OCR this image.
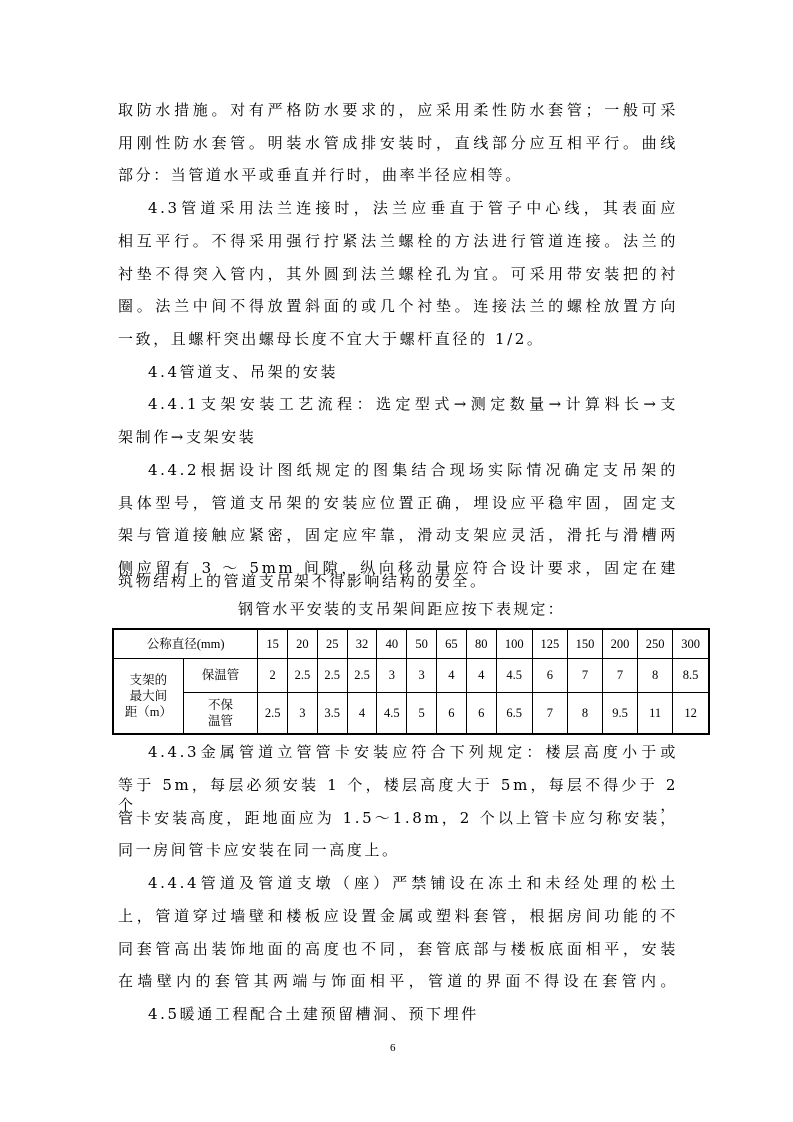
取防水措施。对有严格防水要求的，应采用柔性防水套管；一般可采
用刚性防水套管。明装水管成排安装时，直线部分应互相平行。曲线
部分：当管道水平或垂直并行时，曲率半径应相等。
4.3管道采用法兰连接时，法兰应垂直于管子中心线，其表面应
相互平行。不得采用强行拧紧法兰螺栓的方法进行管道连接。法兰的
衬垫不得突入管内，其外圆到法兰螺栓孔为宜。可采用带安装把的衬
圈。法兰中间不得放置斜面的或几个衬垫。连接法兰的螺栓放置方向
一致，且螺杆突出螺母长度不宜大于螺杆直径的 1/2。
4.4管道支、吊架的安装
4.4.1支架安装工艺流程：选定型式→测定数量→计算料长→支
架制作→支架安装
4.4.2根据设计图纸规定的图集结合现场实际情况确定支吊架的
具体型号，管道支吊架的安装应位置正确，埋设应平稳牢固，固定支
架与管道接触应紧密，固定应牢靠，滑动支架应灵活，滑托与滑槽两
侧应留有 3 ～ 5mm 间隙，纵向移动量应符合设计要求，固定在建
筑物结构上的管道支吊架不得影响结构的安全。
钢管水平安装的支吊架间距应按下表规定：
公称直径(mm)		15	20	25	32	40	50	65	80	100	125	150	200	250	300

支架的
最大间
距（m）	保温管	2	2.5	2.5	2.5	3	3	4	4	4.5	6	7	7	8	8.5

	不保
温管	2.5	3	3.5	4	4.5	5	6	6	6.5	7	8	9.5	11	12
4.4.3金属管道立管管卡安装应符合下列规定：楼层高度小于或
等于 5m，每层必须安装 1 个，楼层高度大于 5m，每层不得少于 2 个，
管卡安装高度，距地面应为 1.5～1.8m，2 个以上管卡应匀称安装，
同一房间管卡应安装在同一高度上。
4.4.4管道及管道支墩（座）严禁铺设在冻土和未经处理的松土
上，管道穿过墙壁和楼板应设置金属或塑料套管，根据房间功能的不
同套管高出装饰地面的高度也不同，套管底部与楼板底面相平，安装
在墙壁内的套管其两端与饰面相平，管道的界面不得设在套管内。
4.5暖通工程配合土建预留槽洞、预下埋件
6
